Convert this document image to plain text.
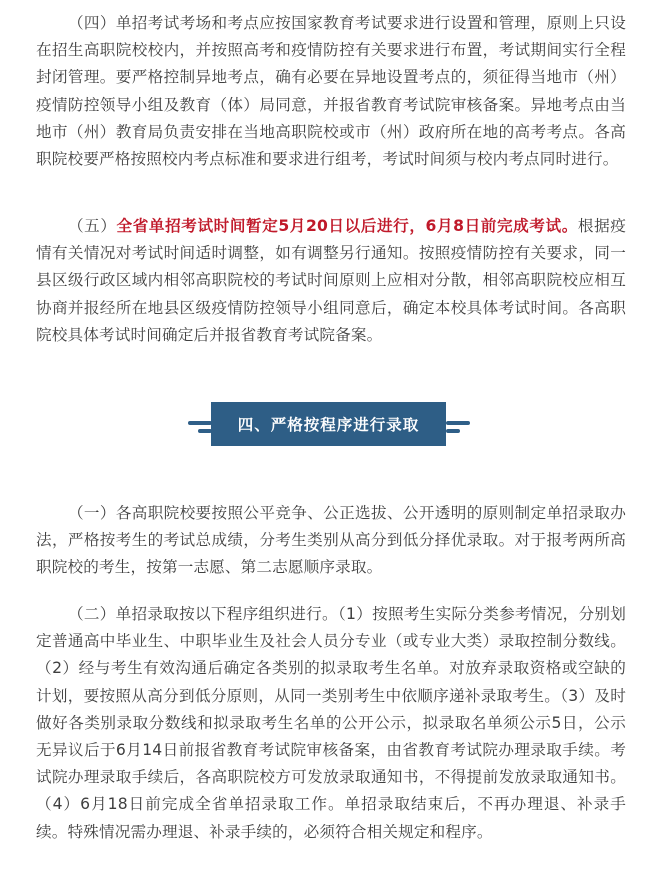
（四）单招考试考场和考点应按国家教育考试要求进行设置和管理，原则上只设在招生高职院校校内，并按照高考和疫情防控有关要求进行布置，考试期间实行全程封闭管理。要严格控制异地考点，确有必要在异地设置考点的，须征得当地市（州）疫情防控领导小组及教育（体）局同意，并报省教育考试院审核备案。异地考点由当地市（州）教育局负责安排在当地高职院校或市（州）政府所在地的高考考点。各高职院校要严格按照校内考点标准和要求进行组考，考试时间须与校内考点同时进行。

（五）全省单招考试时间暂定5月20日以后进行，6月8日前完成考试。根据疫情有关情况对考试时间适时调整，如有调整另行通知。按照疫情防控有关要求，同一县区级行政区域内相邻高职院校的考试时间原则上应相对分散，相邻高职院校应相互协商并报经所在地县区级疫情防控领导小组同意后，确定本校具体考试时间。各高职院校具体考试时间确定后并报省教育考试院备案。

四、严格按程序进行录取

（一）各高职院校要按照公平竞争、公正选拔、公开透明的原则制定单招录取办法，严格按考生的考试总成绩，分考生类别从高分到低分择优录取。对于报考两所高职院校的考生，按第一志愿、第二志愿顺序录取。

（二）单招录取按以下程序组织进行。（1）按照考生实际分类参考情况，分别划定普通高中毕业生、中职毕业生及社会人员分专业（或专业大类）录取控制分数线。（2）经与考生有效沟通后确定各类别的拟录取考生名单。对放弃录取资格或空缺的计划，要按照从高分到低分原则，从同一类别考生中依顺序递补录取考生。（3）及时做好各类别录取分数线和拟录取考生名单的公开公示，拟录取名单须公示5日，公示无异议后于6月14日前报省教育考试院审核备案，由省教育考试院办理录取手续。考试院办理录取手续后，各高职院校方可发放录取通知书，不得提前发放录取通知书。（4）6月18日前完成全省单招录取工作。单招录取结束后，不再办理退、补录手续。特殊情况需办理退、补录手续的，必须符合相关规定和程序。
